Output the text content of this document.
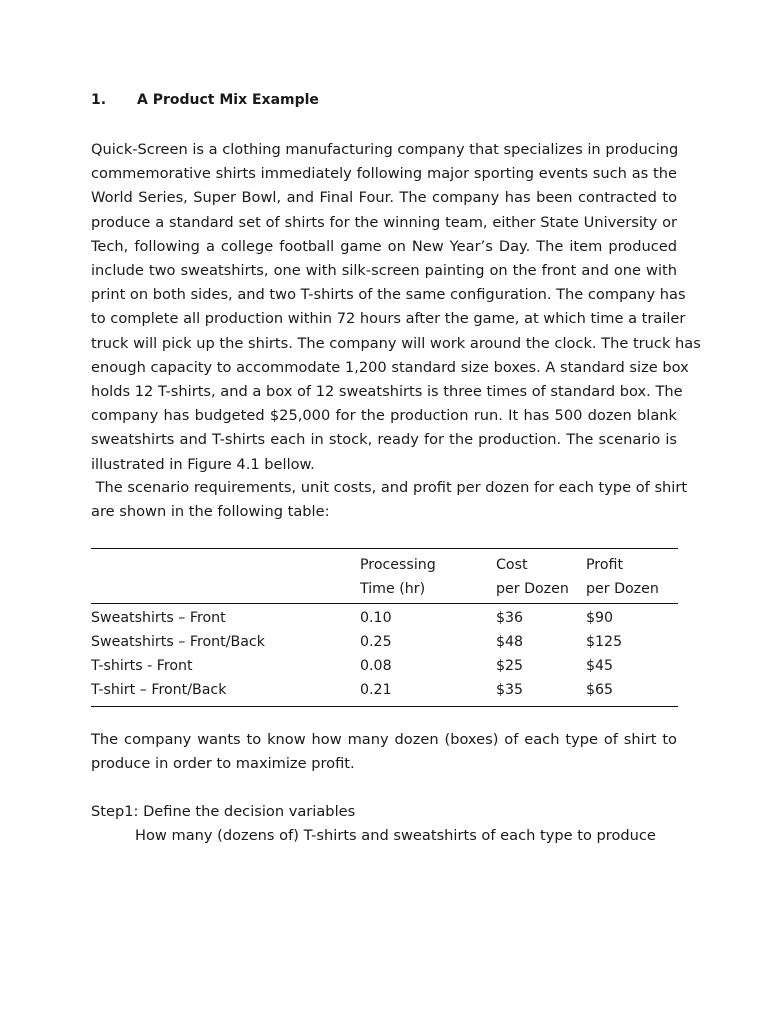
1.	A Product Mix Example

Quick-Screen is a clothing manufacturing company that specializes in producing
commemorative shirts immediately following major sporting events such as the
World Series, Super Bowl, and Final Four. The company has been contracted to
produce a standard set of shirts for the winning team, either State University or
Tech, following a college football game on New Year’s Day. The item produced
include two sweatshirts, one with silk-screen painting on the front and one with
print on both sides, and two T-shirts of the same configuration. The company has
to complete all production within 72 hours after the game, at which time a trailer
truck will pick up the shirts. The company will work around the clock. The truck has
enough capacity to accommodate 1,200 standard size boxes. A standard size box
holds 12 T-shirts, and a box of 12 sweatshirts is three times of standard box. The
company has budgeted $25,000 for the production run. It has 500 dozen blank
sweatshirts and T-shirts each in stock, ready for the production. The scenario is
illustrated in Figure 4.1 bellow.

The scenario requirements, unit costs, and profit per dozen for each type of shirt
are shown in the following table:

	Processing	Cost	Profit
	Time (hr)	per Dozen	per Dozen
Sweatshirts – Front	0.10	$36	$90
Sweatshirts – Front/Back	0.25	$48	$125
T-shirts - Front	0.08	$25	$45
T-shirt – Front/Back	0.21	$35	$65

The company wants to know how many dozen (boxes) of each type of shirt to
produce in order to maximize profit.

Step1: Define the decision variables
How many (dozens of) T-shirts and sweatshirts of each type to produce
